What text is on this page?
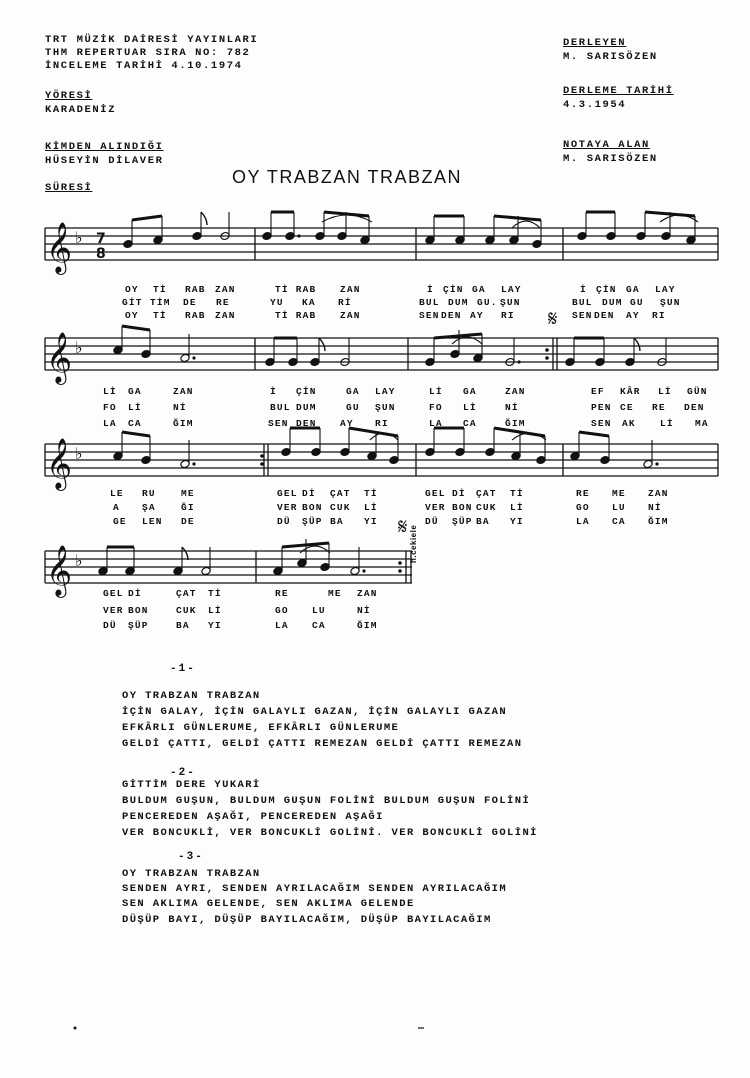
TRT MÜZİK DAİRESİ YAYINLARI
THM REPERTUAR SIRA NO: 782
İNCELEME TARİHİ 4.10.1974
YÖRESİ
KARADENİZ
KİMDEN ALINDIĞI
HÜSEYİN DİLAVER
SÜRESİ
DERLEYEN
M. SARISÖZEN
DERLEME TARİHİ
4.3.1954
NOTAYA ALAN
M. SARISÖZEN
OY TRABZAN TRABZAN
𝄞
𝄞
𝄞
𝄞
♭
♭
♭
♭
7
8
𝄋
𝄋 h.cekiele
OY Tİ RAB ZAN	Tİ RAB ZAN	İ ÇİN GA LAY	İ ÇİN GA LAY
GİT TİM DE RE	YU KA Rİ	BUL DUM GU. ŞUN	BUL DUM GU ŞUN
OY Tİ RAB ZAN	Tİ RAB ZAN	SEN DEN AY RI	SEN DEN AY RI
Lİ GA	ZAN	İ ÇİN	GA LAY	Lİ GA	ZAN	EF KÂR Lİ GÜN
FO Lİ	Nİ	BUL DUM	GU ŞUN	FO Lİ	Nİ	PEN CE RE DEN
LA CA	ĞIM	SEN DEN AY RI	LA CA	ĞIM	SEN AK	Lİ MA
LE RU	ME	GEL Dİ ÇAT Tİ	GEL Dİ ÇAT Tİ	RE ME ZAN
A ŞA	ĞI	VER BON CUK Lİ	VER BON CUK Lİ	GO LU Nİ
GE LEN DE	DÜ ŞÜP BA YI	DÜ ŞÜP BA YI	LA CA ĞIM
GEL Dİ	ÇAT Tİ	RE	ME ZAN
VER BON	CUK Lİ	GO LU	Nİ
DÜ ŞÜP	BA YI	LA CA	ĞIM
-1-
OY TRABZAN TRABZAN
İÇİN GALAY, İÇİN GALAYLI GAZAN, İÇİN GALAYLI GAZAN
EFKÂRLI GÜNLERUME, EFKÂRLI GÜNLERUME
GELDİ ÇATTI, GELDİ ÇATTI REMEZAN GELDİ ÇATTI REMEZAN
-2-
GİTTİM DERE YUKARİ
BULDUM GUŞUN, BULDUM GUŞUN FOLİNİ BULDUM GUŞUN FOLİNİ
PENCEREDEN AŞAĞI, PENCEREDEN AŞAĞI
VER BONCUKLİ, VER BONCUKLİ GOLİNİ. VER BONCUKLİ GOLİNİ
-3-
OY TRABZAN TRABZAN
SENDEN AYRI, SENDEN AYRILACAĞIM SENDEN AYRILACAĞIM
SEN AKLIMA GELENDE, SEN AKLIMA GELENDE
DÜŞÜP BAYI, DÜŞÜP BAYILACAĞIM, DÜŞÜP BAYILACAĞIM
